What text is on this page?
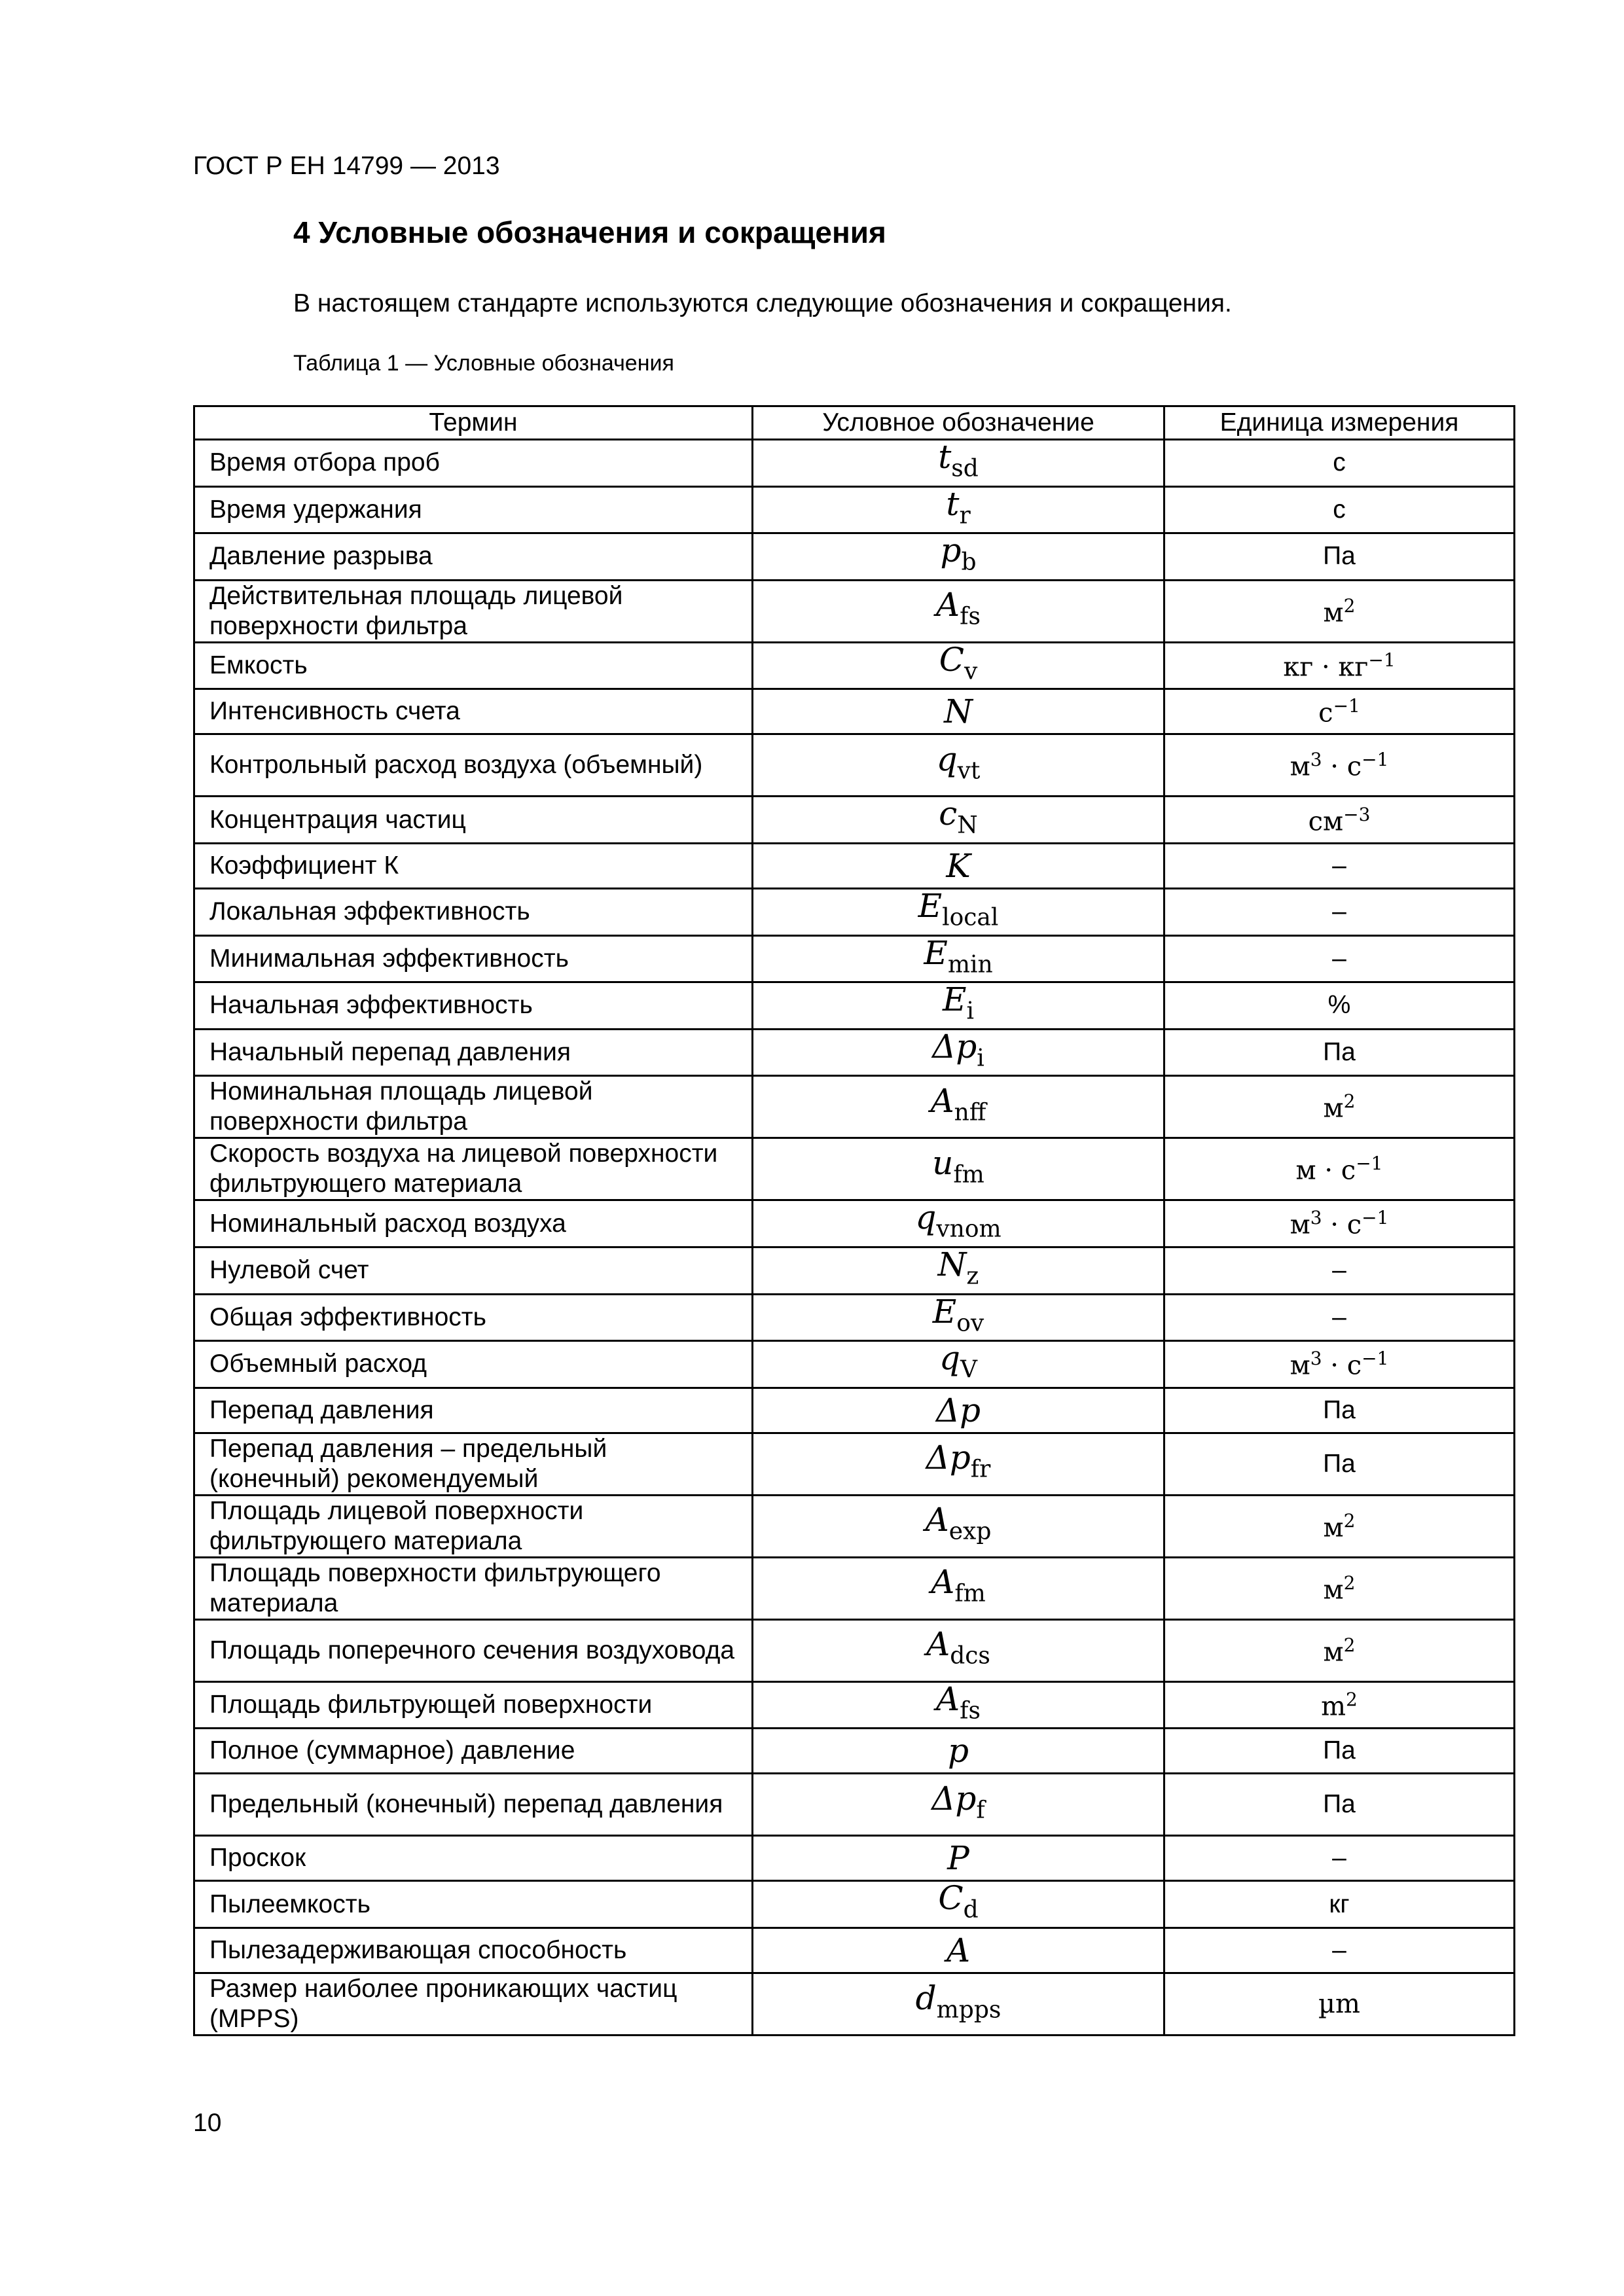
ГОСТ Р ЕН 14799 — 2013
4 Условные обозначения и сокращения
В настоящем стандарте используются следующие обозначения и сокращения.
Таблица 1 — Условные обозначения
Термин	Условное обозначение	Единица измерения
Время отбора проб	$t_{sd}$	с
Время удержания	$t_r$	с
Давление разрыва	$p_b$	Па
Действительная площадь лицевой поверхности фильтра	$A_{fs}$	$м^2$
Емкость	$C_v$	кг · $кг^{-1}$
Интенсивность счета	N	$с^{-1}$
Контрольный расход воздуха (объемный)	$q_{vt}$	$м^3 \cdot с^{-1}$
Концентрация частиц	$c_N$	$см^{-3}$
Коэффициент К	K	–
Локальная эффективность	$E_{local}$	–
Минимальная эффективность	$E_{min}$	–
Начальная эффективность	$E_i$	%
Начальный перепад давления	$\Delta p_i$	Па
Номинальная площадь лицевой поверхности фильтра	$A_{nff}$	$м^2$
Скорость воздуха на лицевой поверхности фильтрующего материала	$u_{fm}$	$м \cdot с^{-1}$
Номинальный расход воздуха	$q_{vnom}$	$м^3 \cdot с^{-1}$
Нулевой счет	$N_z$	–
Общая эффективность	$E_{ov}$	–
Объемный расход	$q_V$	$м^3 \cdot с^{-1}$
Перепад давления	Δp	Па
Перепад давления – предельный (конечный) рекомендуемый	$\Delta p_{fr}$	Па
Площадь лицевой поверхности фильтрующего материала	$A_{exp}$	$м^2$
Площадь поверхности фильтрующего материала	$A_{fm}$	$м^2$
Площадь поперечного сечения воздуховода	$A_{dcs}$	$м^2$
Площадь фильтрующей поверхности	$A_{fs}$	$m^2$
Полное (суммарное) давление	p	Па
Предельный (конечный) перепад давления	$\Delta p_f$	Па
Проскок	P	–
Пылеемкость	$C_d$	кг
Пылезадерживающая способность	A	–
Размер наиболее проникающих частиц (MPPS)	$d_{mpps}$	µm
10
